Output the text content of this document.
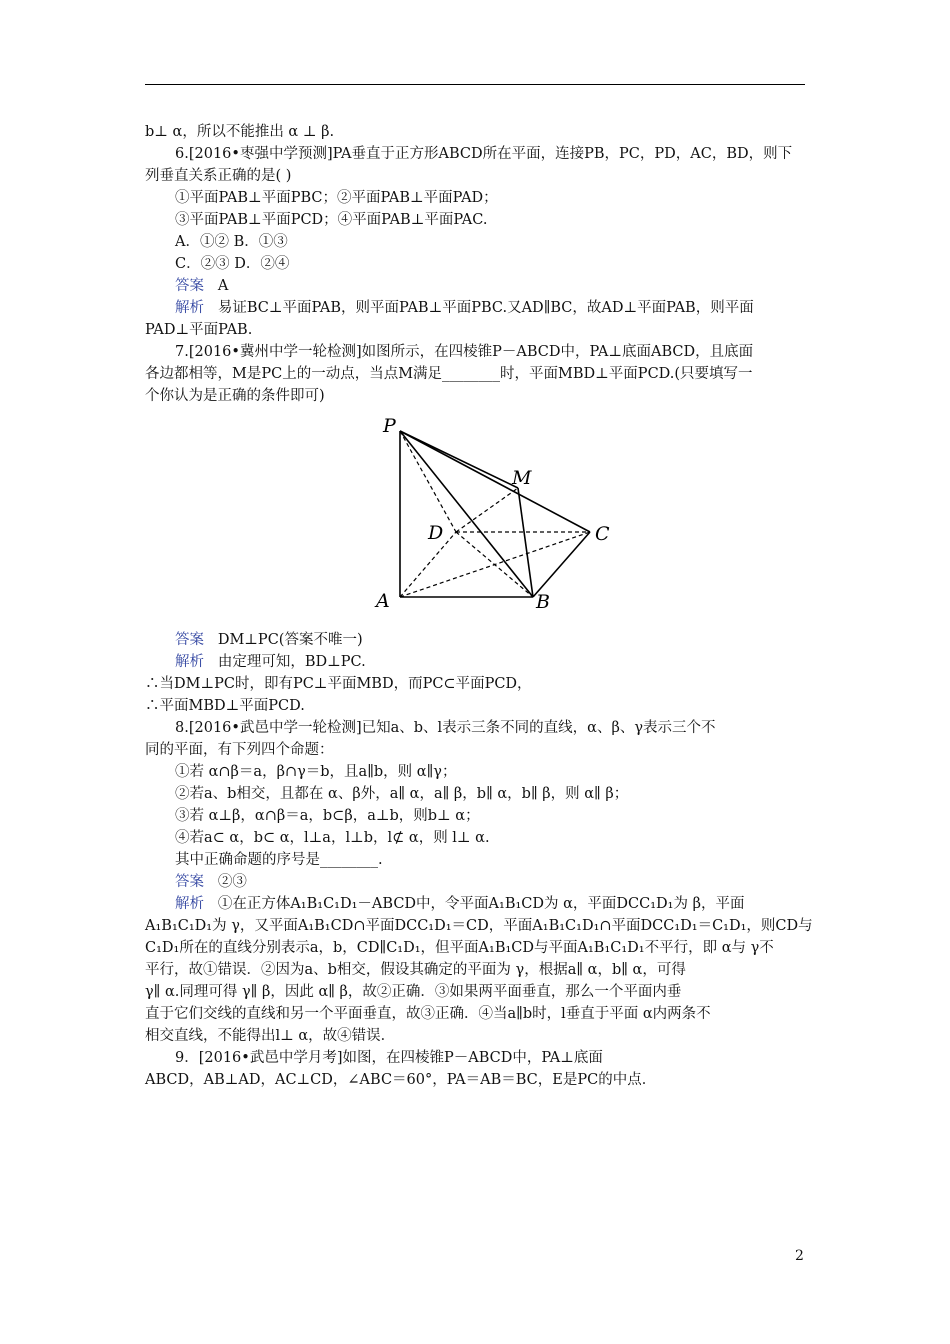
b⊥ α，所以不能推出 α ⊥ β.
6.[2016•枣强中学预测]PA垂直于正方形ABCD所在平面，连接PB，PC，PD，AC，BD，则下
列垂直关系正确的是( )
①平面PAB⊥平面PBC；②平面PAB⊥平面PAD；
③平面PAB⊥平面PCD；④平面PAB⊥平面PAC.
A．①② B．①③
C．②③ D．②④
答案 A
解析 易证BC⊥平面PAB，则平面PAB⊥平面PBC.又AD∥BC，故AD⊥平面PAB，则平面
PAD⊥平面PAB.
7.[2016•冀州中学一轮检测]如图所示，在四棱锥P－ABCD中，PA⊥底面ABCD，且底面
各边都相等，M是PC上的一动点，当点M满足________时，平面MBD⊥平面PCD.(只要填写一
个你认为是正确的条件即可)
P
M
D	C
A	B
答案 DM⊥PC(答案不唯一)
解析 由定理可知，BD⊥PC.
∴当DM⊥PC时，即有PC⊥平面MBD，而PC⊂平面PCD，
∴平面MBD⊥平面PCD.
8.[2016•武邑中学一轮检测]已知a、b、l表示三条不同的直线，α、β、γ表示三个不
同的平面，有下列四个命题：
①若 α∩β＝a，β∩γ＝b，且a∥b，则 α∥γ；
②若a、b相交，且都在 α、β外，a∥ α，a∥ β，b∥ α，b∥ β，则 α∥ β；
③若 α⊥β，α∩β＝a，b⊂β，a⊥b，则b⊥ α；
④若a⊂ α，b⊂ α，l⊥a，l⊥b，l⊄ α，则 l⊥ α.
其中正确命题的序号是________.
答案 ②③
解析 ①在正方体A₁B₁C₁D₁－ABCD中，令平面A₁B₁CD为 α，平面DCC₁D₁为 β，平面
A₁B₁C₁D₁为 γ，又平面A₁B₁CD∩平面DCC₁D₁＝CD，平面A₁B₁C₁D₁∩平面DCC₁D₁＝C₁D₁，则CD与
C₁D₁所在的直线分别表示a，b，CD∥C₁D₁，但平面A₁B₁CD与平面A₁B₁C₁D₁不平行，即 α与 γ不
平行，故①错误．②因为a、b相交，假设其确定的平面为 γ，根据a∥ α，b∥ α，可得
γ∥ α.同理可得 γ∥ β，因此 α∥ β，故②正确．③如果两平面垂直，那么一个平面内垂
直于它们交线的直线和另一个平面垂直，故③正确．④当a∥b时，l垂直于平面 α内两条不
相交直线，不能得出l⊥ α，故④错误．
9．[2016•武邑中学月考]如图，在四棱锥P－ABCD中，PA⊥底面
ABCD，AB⊥AD，AC⊥CD，∠ABC＝60°，PA＝AB＝BC，E是PC的中点．
2
